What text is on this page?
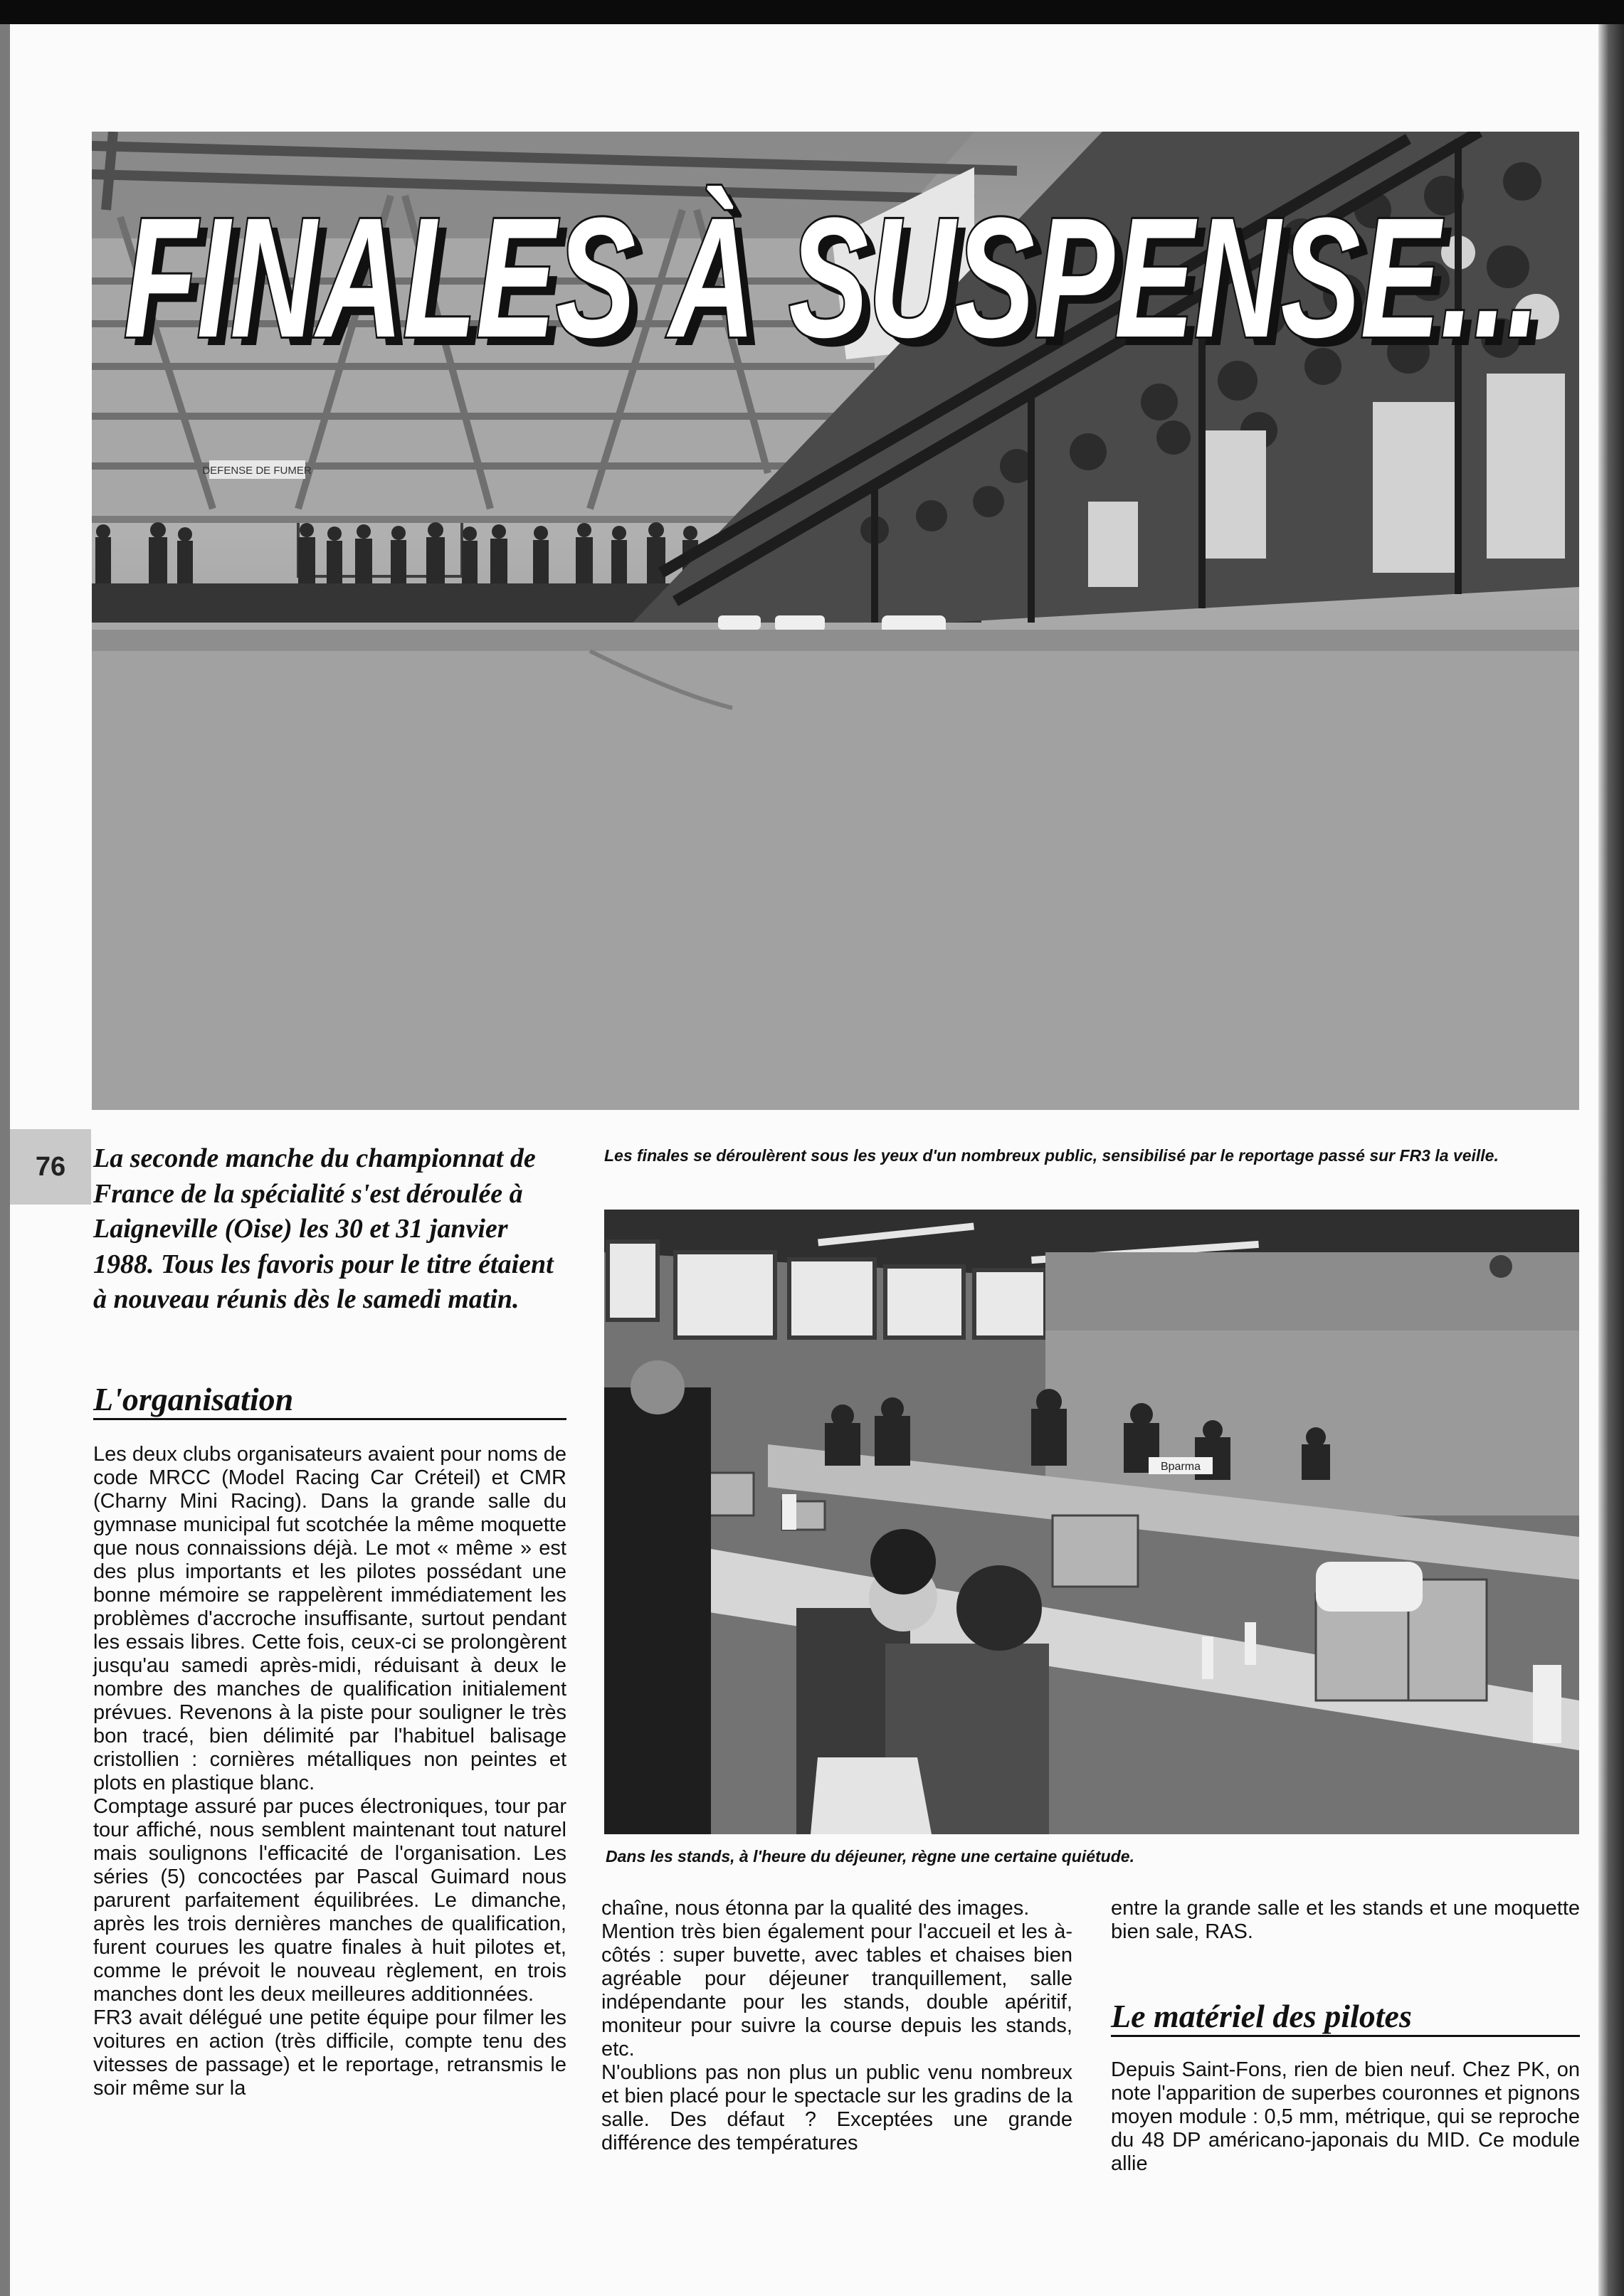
DEFENSE DE FUMER
FINALES À SUSPENSE...
FINALES À SUSPENSE...
76	La seconde manche du championnat de France de la spécialité s'est déroulée à Laigneville (Oise) les 30 et 31 janvier 1988. Tous les favoris pour le titre étaient à nouveau réunis dès le samedi matin.
L'organisation

Les deux clubs organisateurs avaient pour noms de code MRCC (Model Racing Car Créteil) et CMR (Charny Mini Racing). Dans la grande salle du gymnase municipal fut scotchée la même moquette que nous connaissions déjà. Le mot « même » est des plus importants et les pilotes possédant une bonne mémoire se rappelèrent immédiatement les problèmes d'accroche insuffisante, surtout pendant les essais libres. Cette fois, ceux-ci se prolongèrent jusqu'au samedi après-midi, réduisant à deux le nombre des manches de qualification initialement prévues. Revenons à la piste pour souligner le très bon tracé, bien délimité par l'habituel balisage cristollien : cornières métalliques non peintes et plots en plastique blanc.

Comptage assuré par puces électroniques, tour par tour affiché, nous semblent maintenant tout naturel mais soulignons l'efficacité de l'organisation. Les séries (5) concoctées par Pascal Guimard nous parurent parfaitement équilibrées. Le dimanche, après les trois dernières manches de qualification, furent courues les quatre finales à huit pilotes et, comme le prévoit le nouveau règlement, en trois manches dont les deux meilleures additionnées.

FR3 avait délégué une petite équipe pour filmer les voitures en action (très difficile, compte tenu des vitesses de passage) et le reportage, retransmis le soir même sur la

Les finales se déroulèrent sous les yeux d'un nombreux public, sensibilisé par le reportage passé sur FR3 la veille.
Bparma
Dans les stands, à l'heure du déjeuner, règne une certaine quiétude.

chaîne, nous étonna par la qualité des images.

Mention très bien également pour l'accueil et les à-côtés : super buvette, avec tables et chaises bien agréable pour déjeuner tranquillement, salle indépendante pour les stands, double apéritif, moniteur pour suivre la course depuis les stands, etc.

N'oublions pas non plus un public venu nombreux et bien placé pour le spectacle sur les gradins de la salle. Des défaut ? Exceptées une grande différence des températures

entre la grande salle et les stands et une moquette bien sale, RAS.
Le matériel des pilotes
Depuis Saint-Fons, rien de bien neuf. Chez PK, on note l'apparition de superbes couronnes et pignons moyen module : 0,5 mm, métrique, qui se reproche du 48 DP américano-japonais du MID. Ce module allie
